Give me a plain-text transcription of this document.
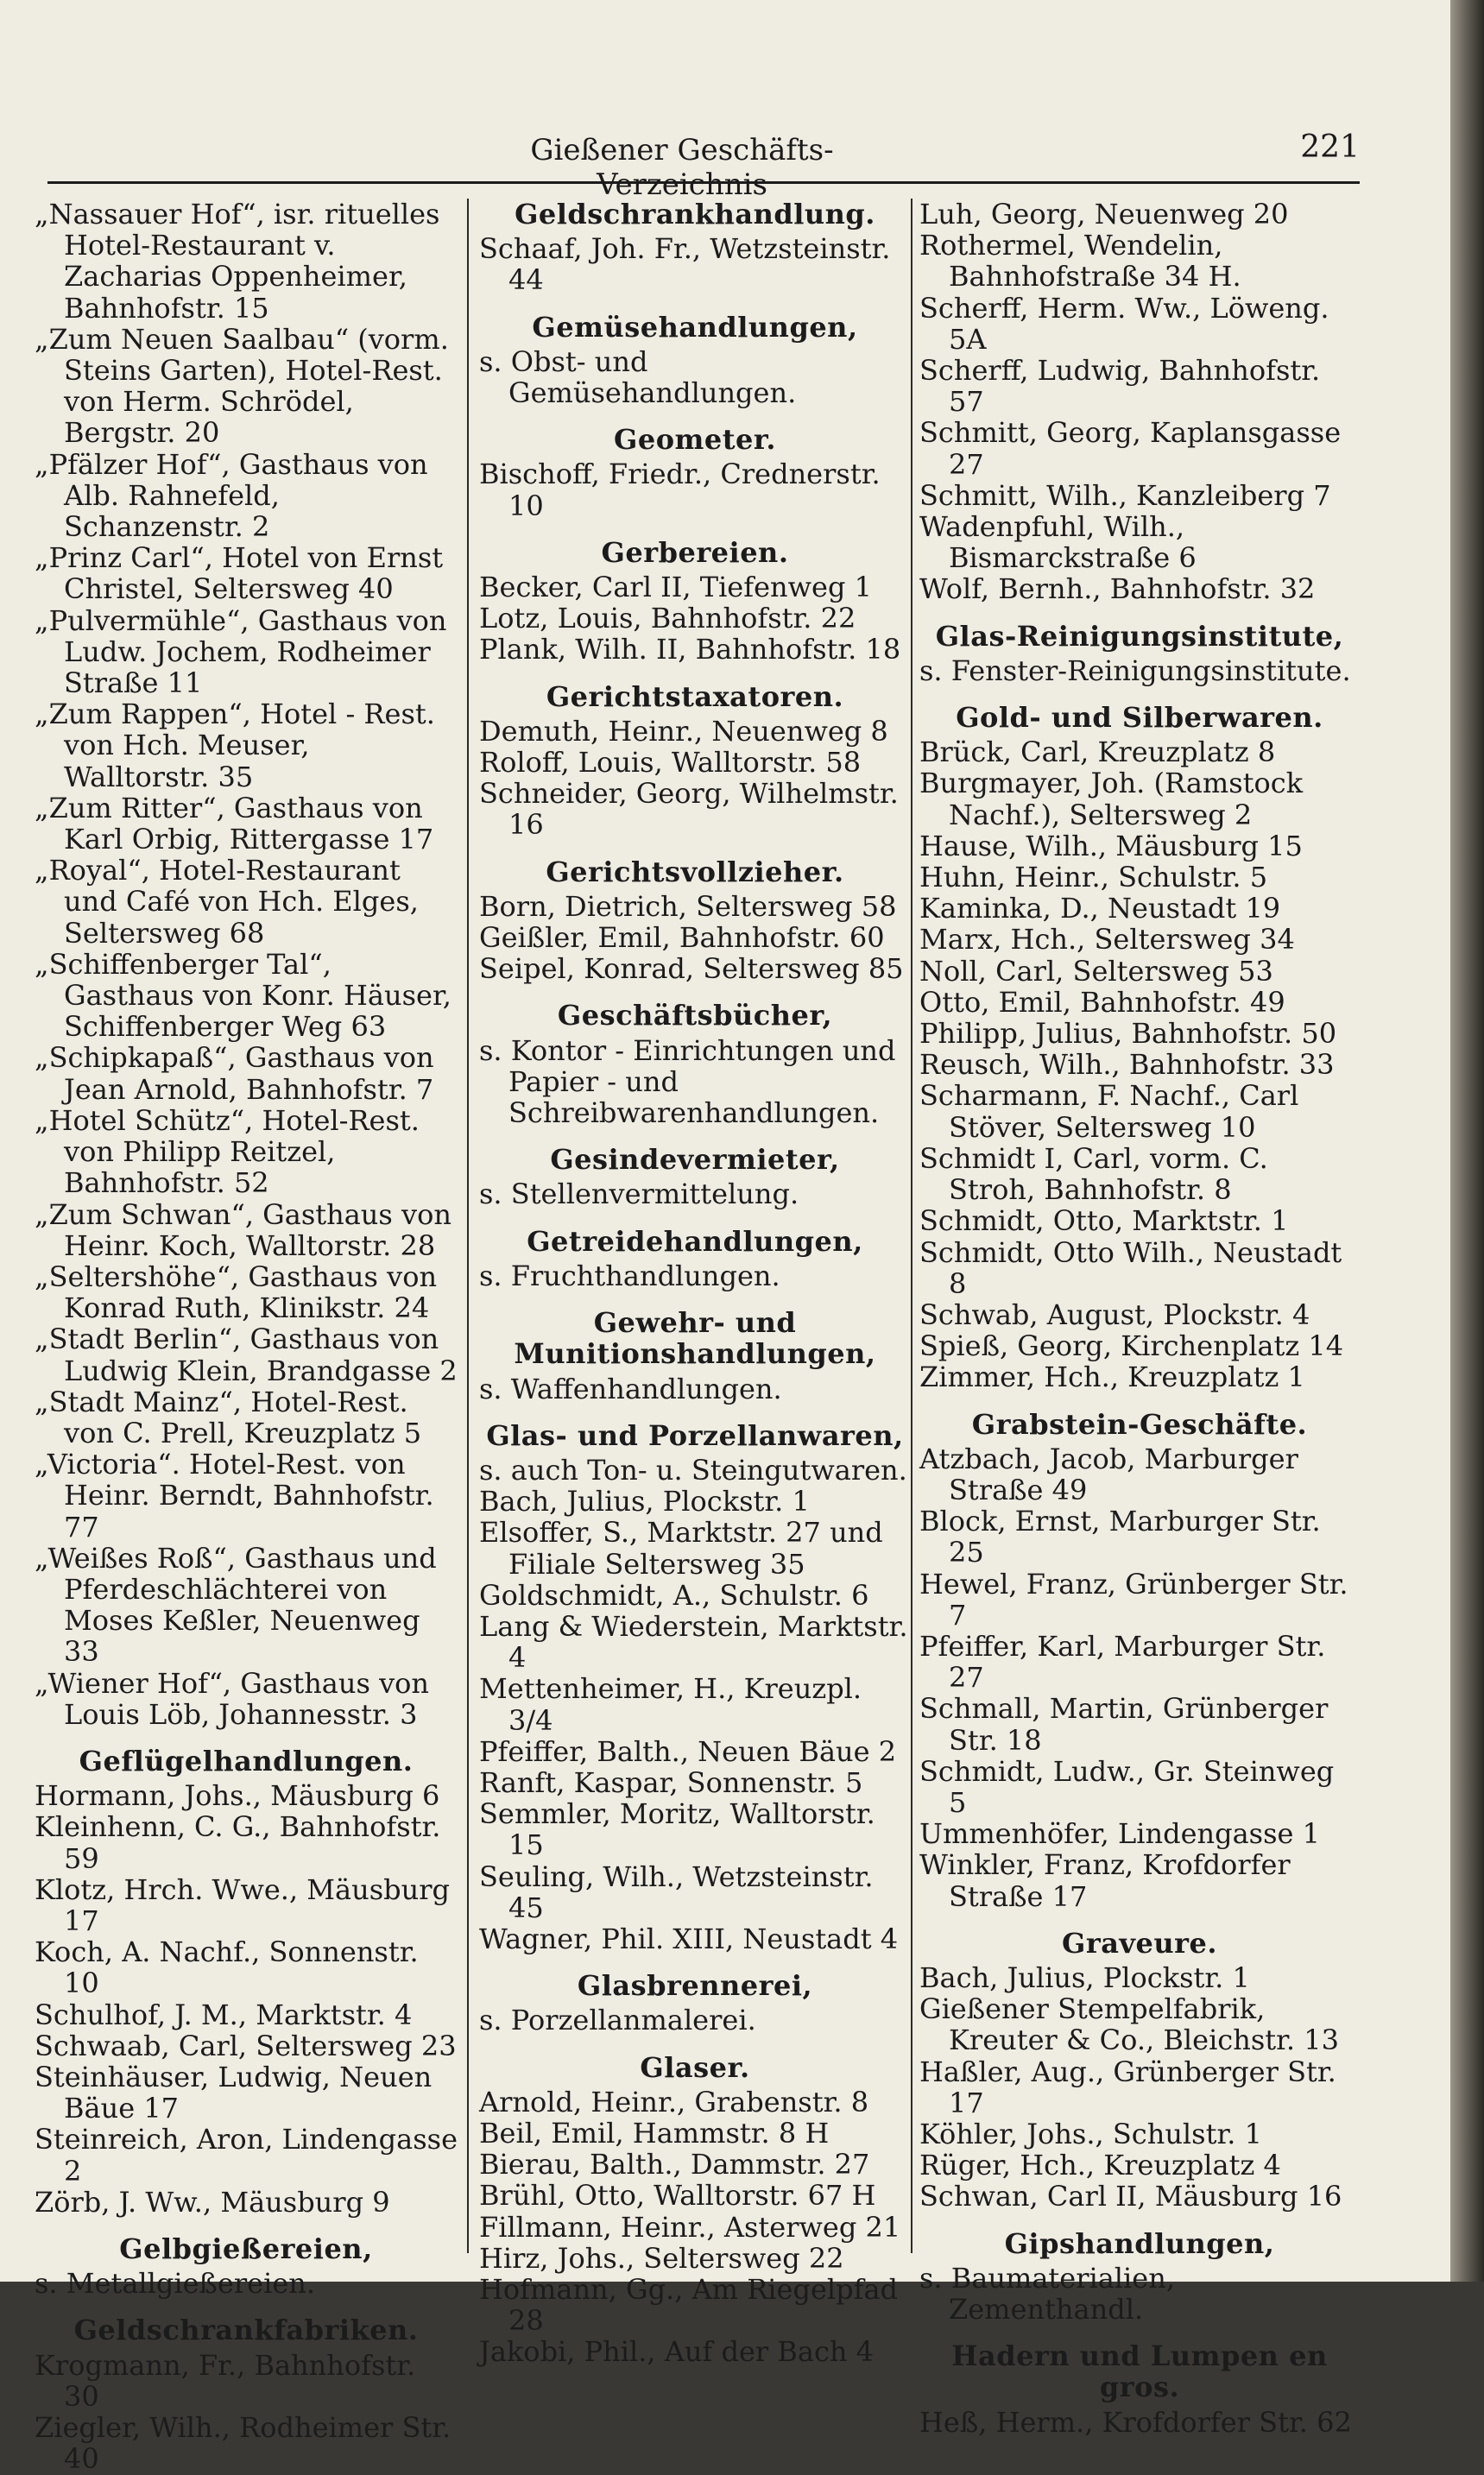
Gießener Geschäfts-Verzeichnis
221

„Nassauer Hof“, isr. rituelles Hotel-Restaurant v. Zacharias Oppenheimer, Bahnhofstr. 15

„Zum Neuen Saalbau“ (vorm. Steins Garten), Hotel-Rest. von Herm. Schrödel, Bergstr. 20

„Pfälzer Hof“, Gasthaus von Alb. Rahnefeld, Schanzenstr. 2

„Prinz Carl“, Hotel von Ernst Christel, Seltersweg 40

„Pulvermühle“, Gasthaus von Ludw. Jochem, Rodheimer Straße 11

„Zum Rappen“, Hotel - Rest. von Hch. Meuser, Walltorstr. 35

„Zum Ritter“, Gasthaus von Karl Orbig, Rittergasse 17

„Royal“, Hotel-Restaurant und Café von Hch. Elges, Seltersweg 68

„Schiffenberger Tal“, Gasthaus von Konr. Häuser, Schiffenberger Weg 63

„Schipkapaß“, Gasthaus von Jean Arnold, Bahnhofstr. 7

„Hotel Schütz“, Hotel-Rest. von Philipp Reitzel, Bahnhofstr. 52

„Zum Schwan“, Gasthaus von Heinr. Koch, Walltorstr. 28

„Seltershöhe“, Gasthaus von Konrad Ruth, Klinikstr. 24

„Stadt Berlin“, Gasthaus von Ludwig Klein, Brandgasse 2

„Stadt Mainz“, Hotel-Rest. von C. Prell, Kreuzplatz 5

„Victoria“. Hotel-Rest. von Heinr. Berndt, Bahnhofstr. 77

„Weißes Roß“, Gasthaus und Pferdeschlächterei von Moses Keßler, Neuenweg 33

„Wiener Hof“, Gasthaus von Louis Löb, Johannesstr. 3

Geflügelhandlungen.

Hormann, Johs., Mäusburg 6

Kleinhenn, C. G., Bahnhofstr. 59

Klotz, Hrch. Wwe., Mäusburg 17

Koch, A. Nachf., Sonnenstr. 10

Schulhof, J. M., Marktstr. 4

Schwaab, Carl, Seltersweg 23

Steinhäuser, Ludwig, Neuen Bäue 17

Steinreich, Aron, Lindengasse 2

Zörb, J. Ww., Mäusburg 9

Gelbgießereien,

s. Metallgießereien.

Geldschrankfabriken.

Krogmann, Fr., Bahnhofstr. 30

Ziegler, Wilh., Rodheimer Str. 40

Geldschrankhandlung.

Schaaf, Joh. Fr., Wetzsteinstr. 44

Gemüsehandlungen,

s. Obst- und Gemüsehandlungen.

Geometer.

Bischoff, Friedr., Crednerstr. 10

Gerbereien.

Becker, Carl II, Tiefenweg 1

Lotz, Louis, Bahnhofstr. 22

Plank, Wilh. II, Bahnhofstr. 18

Gerichtstaxatoren.

Demuth, Heinr., Neuenweg 8

Roloff, Louis, Walltorstr. 58

Schneider, Georg, Wilhelmstr. 16

Gerichtsvollzieher.

Born, Dietrich, Seltersweg 58

Geißler, Emil, Bahnhofstr. 60

Seipel, Konrad, Seltersweg 85

Geschäftsbücher,

s. Kontor - Einrichtungen und Papier - und Schreibwarenhandlungen.

Gesindevermieter,

s. Stellenvermittelung.

Getreidehandlungen,

s. Fruchthandlungen.

Gewehr- und Munitionshandlungen,

s. Waffenhandlungen.

Glas- und Porzellanwaren,

s. auch Ton- u. Steingutwaren.

Bach, Julius, Plockstr. 1

Elsoffer, S., Marktstr. 27 und Filiale Seltersweg 35

Goldschmidt, A., Schulstr. 6

Lang & Wiederstein, Marktstr. 4

Mettenheimer, H., Kreuzpl. 3/4

Pfeiffer, Balth., Neuen Bäue 2

Ranft, Kaspar, Sonnenstr. 5

Semmler, Moritz, Walltorstr. 15

Seuling, Wilh., Wetzsteinstr. 45

Wagner, Phil. XIII, Neustadt 4

Glasbrennerei,

s. Porzellanmalerei.

Glaser.

Arnold, Heinr., Grabenstr. 8

Beil, Emil, Hammstr. 8 H

Bierau, Balth., Dammstr. 27

Brühl, Otto, Walltorstr. 67 H

Fillmann, Heinr., Asterweg 21

Hirz, Johs., Seltersweg 22

Hofmann, Gg., Am Riegelpfad 28

Jakobi, Phil., Auf der Bach 4

Luh, Georg, Neuenweg 20

Rothermel, Wendelin, Bahnhofstraße 34 H.

Scherff, Herm. Ww., Löweng. 5A

Scherff, Ludwig, Bahnhofstr. 57

Schmitt, Georg, Kaplansgasse 27

Schmitt, Wilh., Kanzleiberg 7

Wadenpfuhl, Wilh., Bismarckstraße 6

Wolf, Bernh., Bahnhofstr. 32

Glas-Reinigungsinstitute,

s. Fenster-Reinigungsinstitute.

Gold- und Silberwaren.

Brück, Carl, Kreuzplatz 8

Burgmayer, Joh. (Ramstock Nachf.), Seltersweg 2

Hause, Wilh., Mäusburg 15

Huhn, Heinr., Schulstr. 5

Kaminka, D., Neustadt 19

Marx, Hch., Seltersweg 34

Noll, Carl, Seltersweg 53

Otto, Emil, Bahnhofstr. 49

Philipp, Julius, Bahnhofstr. 50

Reusch, Wilh., Bahnhofstr. 33

Scharmann, F. Nachf., Carl Stöver, Seltersweg 10

Schmidt I, Carl, vorm. C. Stroh, Bahnhofstr. 8

Schmidt, Otto, Marktstr. 1

Schmidt, Otto Wilh., Neustadt 8

Schwab, August, Plockstr. 4

Spieß, Georg, Kirchenplatz 14

Zimmer, Hch., Kreuzplatz 1

Grabstein-Geschäfte.

Atzbach, Jacob, Marburger Straße 49

Block, Ernst, Marburger Str. 25

Hewel, Franz, Grünberger Str. 7

Pfeiffer, Karl, Marburger Str. 27

Schmall, Martin, Grünberger Str. 18

Schmidt, Ludw., Gr. Steinweg 5

Ummenhöfer, Lindengasse 1

Winkler, Franz, Krofdorfer Straße 17

Graveure.

Bach, Julius, Plockstr. 1

Gießener Stempelfabrik, Kreuter & Co., Bleichstr. 13

Haßler, Aug., Grünberger Str. 17

Köhler, Johs., Schulstr. 1

Rüger, Hch., Kreuzplatz 4

Schwan, Carl II, Mäusburg 16

Gipshandlungen,

s. Baumaterialien, Zementhandl.

Hadern und Lumpen en gros.

Heß, Herm., Krofdorfer Str. 62
